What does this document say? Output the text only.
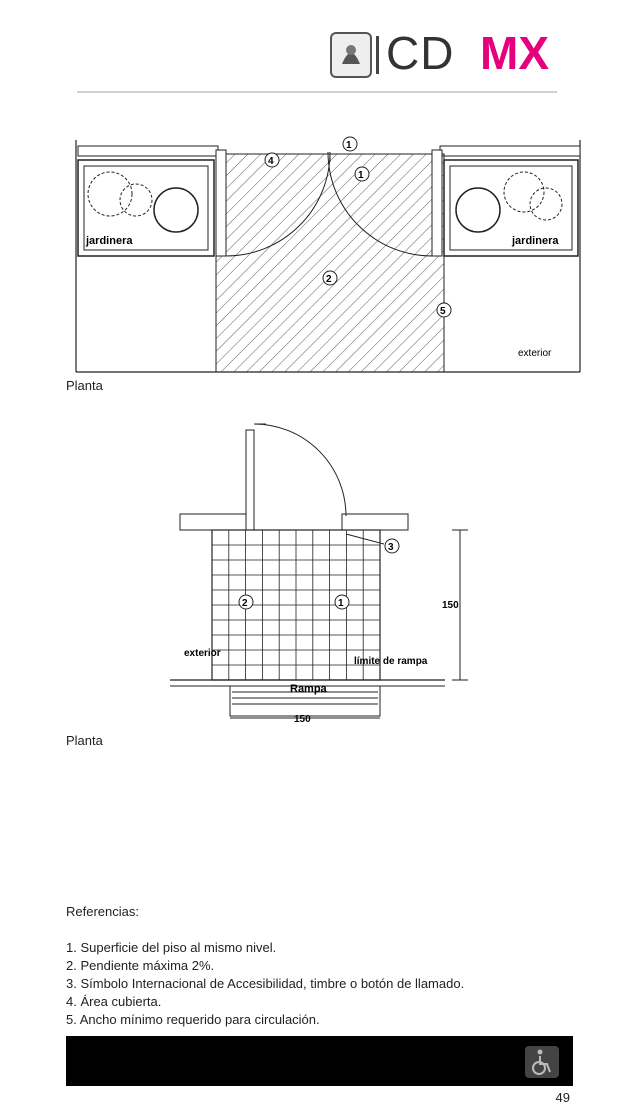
CD MX
jardinera	jardinera
exterior
1
1
4
2
5
Planta
2	1
3
exterior
límite de rampa
Rampa
150
150
Planta
Referencias:
1. Superficie del piso al mismo nivel.
2. Pendiente máxima 2%.
3. Símbolo Internacional de Accesibilidad, timbre o botón de llamado.
4. Área cubierta.
5. Ancho mínimo requerido para circulación.
49
